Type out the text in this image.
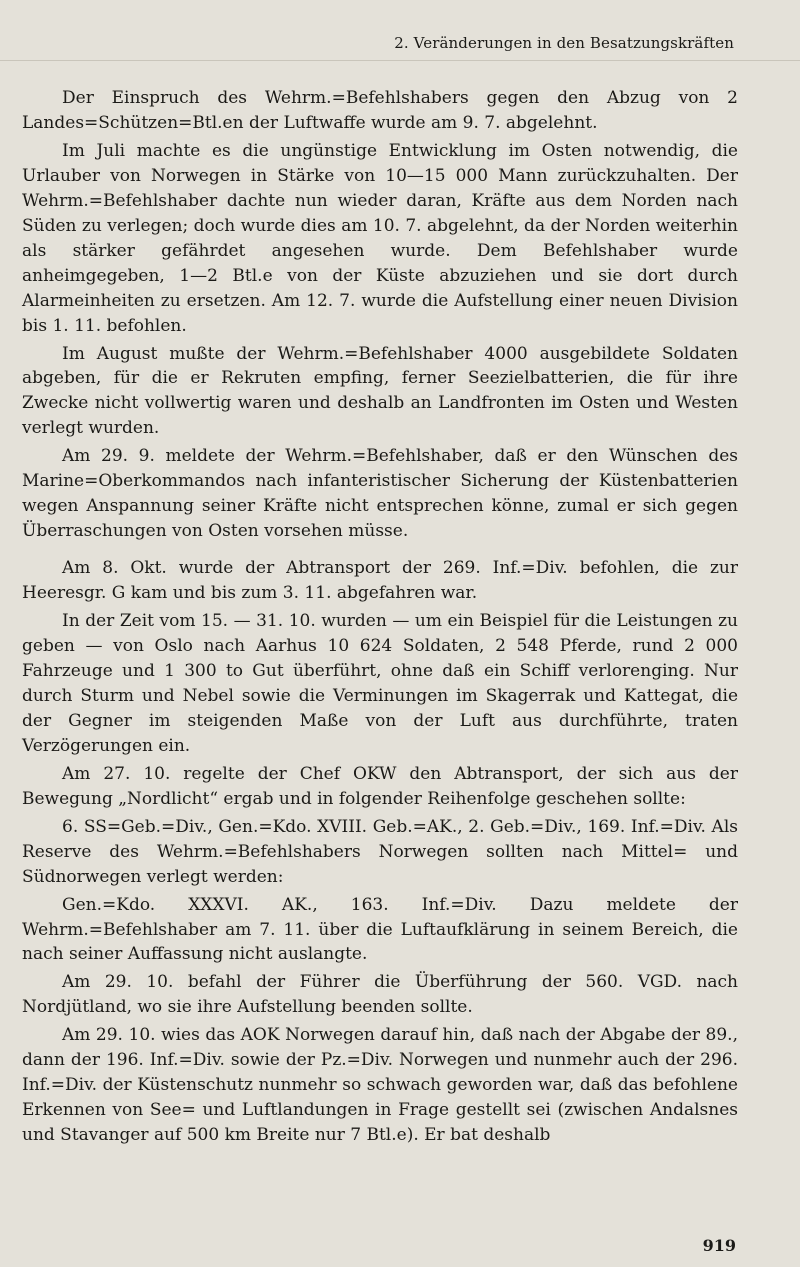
2. Veränderungen in den Besatzungskräften

Der Einspruch des Wehrm.=Befehlshabers gegen den Abzug von 2 Landes=Schützen=Btl.en der Luftwaffe wurde am 9. 7. abgelehnt.

Im Juli machte es die ungünstige Entwicklung im Osten notwendig, die Urlauber von Norwegen in Stärke von 10—15 000 Mann zurückzuhalten. Der Wehrm.=Befehlshaber dachte nun wieder daran, Kräfte aus dem Norden nach Süden zu verlegen; doch wurde dies am 10. 7. abgelehnt, da der Norden weiterhin als stärker gefährdet angesehen wurde. Dem Befehlshaber wurde anheimgegeben, 1—2 Btl.e von der Küste abzuziehen und sie dort durch Alarmeinheiten zu ersetzen. Am 12. 7. wurde die Aufstellung einer neuen Division bis 1. 11. befohlen.

Im August mußte der Wehrm.=Befehlshaber 4000 ausgebildete Soldaten abgeben, für die er Rekruten empfing, ferner Seezielbatterien, die für ihre Zwecke nicht vollwertig waren und deshalb an Landfronten im Osten und Westen verlegt wurden.

Am 29. 9. meldete der Wehrm.=Befehlshaber, daß er den Wünschen des Marine=Oberkommandos nach infanteristischer Sicherung der Küstenbatterien wegen Anspannung seiner Kräfte nicht entsprechen könne, zumal er sich gegen Überraschungen von Osten vorsehen müsse.

Am 8. Okt. wurde der Abtransport der 269. Inf.=Div. befohlen, die zur Heeresgr. G kam und bis zum 3. 11. abgefahren war.

In der Zeit vom 15. — 31. 10. wurden — um ein Beispiel für die Leistungen zu geben — von Oslo nach Aarhus 10 624 Soldaten, 2 548 Pferde, rund 2 000 Fahrzeuge und 1 300 to Gut überführt, ohne daß ein Schiff verlorenging. Nur durch Sturm und Nebel sowie die Verminungen im Skagerrak und Kattegat, die der Gegner im steigenden Maße von der Luft aus durchführte, traten Verzögerungen ein.

Am 27. 10. regelte der Chef OKW den Abtransport, der sich aus der Bewegung „Nordlicht“ ergab und in folgender Reihenfolge geschehen sollte:

6. SS=Geb.=Div., Gen.=Kdo. XVIII. Geb.=AK., 2. Geb.=Div., 169. Inf.=Div. Als Reserve des Wehrm.=Befehlshabers Norwegen sollten nach Mittel= und Südnorwegen verlegt werden:

Gen.=Kdo. XXXVI. AK., 163. Inf.=Div. Dazu meldete der Wehrm.=Befehlshaber am 7. 11. über die Luftaufklärung in seinem Bereich, die nach seiner Auffassung nicht auslangte.

Am 29. 10. befahl der Führer die Überführung der 560. VGD. nach Nordjütland, wo sie ihre Aufstellung beenden sollte.

Am 29. 10. wies das AOK Norwegen darauf hin, daß nach der Abgabe der 89., dann der 196. Inf.=Div. sowie der Pz.=Div. Norwegen und nunmehr auch der 296. Inf.=Div. der Küstenschutz nunmehr so schwach geworden war, daß das befohlene Erkennen von See= und Luftlandungen in Frage gestellt sei (zwischen Andalsnes und Stavanger auf 500 km Breite nur 7 Btl.e). Er bat deshalb

919
